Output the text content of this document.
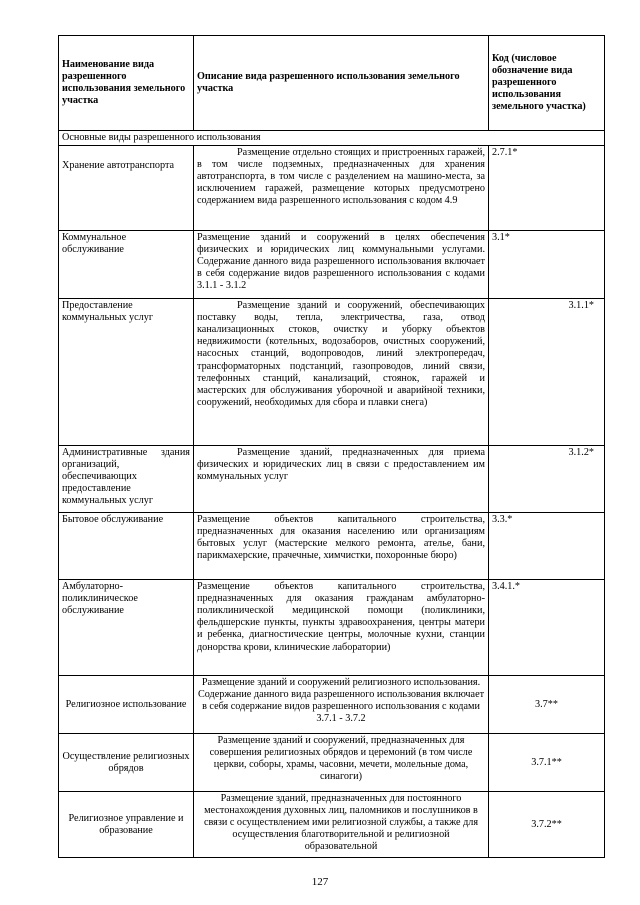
Наименование вида разрешенного использования земельного участка	Описание вида разрешенного использования земельного участка	Код (числовое обозначение вида разрешенного использования земельного участка)
Основные виды разрешенного использования		
Хранение автотранспорта	Размещение отдельно стоящих и пристроенных гаражей, в том числе подземных, предназначенных для хранения автотранспорта, в том числе с разделением на машино-места, за исключением гаражей, размещение которых предусмотрено содержанием вида разрешенного использования с кодом 4.9	2.7.1*
Коммунальное обслуживание	Размещение зданий и сооружений в целях обеспечения физических и юридических лиц коммунальными услугами. Содержание данного вида разрешенного использования включает в себя содержание видов разрешенного использования с кодами 3.1.1 - 3.1.2	3.1*
Предоставление коммунальных услуг	Размещение зданий и сооружений, обеспечивающих поставку воды, тепла, электричества, газа, отвод канализационных стоков, очистку и уборку объектов недвижимости (котельных, водозаборов, очистных сооружений, насосных станций, водопроводов, линий электропередач, трансформаторных подстанций, газопроводов, линий связи, телефонных станций, канализаций, стоянок, гаражей и мастерских для обслуживания уборочной и аварийной техники, сооружений, необходимых для сбора и плавки снега)	3.1.1*
Административные здания организаций, обеспечивающих предоставление коммунальных услуг	Размещение зданий, предназначенных для приема физических и юридических лиц в связи с предоставлением им коммунальных услуг	3.1.2*
Бытовое обслуживание	Размещение объектов капитального строительства, предназначенных для оказания населению или организациям бытовых услуг (мастерские мелкого ремонта, ателье, бани, парикмахерские, прачечные, химчистки, похоронные бюро)	3.3.*
Амбулаторно-поликлиническое обслуживание	Размещение объектов капитального строительства, предназначенных для оказания гражданам амбулаторно-поликлинической медицинской помощи (поликлиники, фельдшерские пункты, пункты здравоохранения, центры матери и ребенка, диагностические центры, молочные кухни, станции донорства крови, клинические лаборатории)	3.4.1.*
Религиозное использование	Размещение зданий и сооружений религиозного использования. Содержание данного вида разрешенного использования включает в себя содержание видов разрешенного использования с кодами 3.7.1 - 3.7.2	3.7**
Осуществление религиозных обрядов	Размещение зданий и сооружений, предназначенных для совершения религиозных обрядов и церемоний (в том числе церкви, соборы, храмы, часовни, мечети, молельные дома, синагоги)	3.7.1**
Религиозное управление и образование	Размещение зданий, предназначенных для постоянного местонахождения духовных лиц, паломников и послушников в связи с осуществлением ими религиозной службы, а также для осуществления благотворительной и религиозной образовательной	3.7.2**
127
